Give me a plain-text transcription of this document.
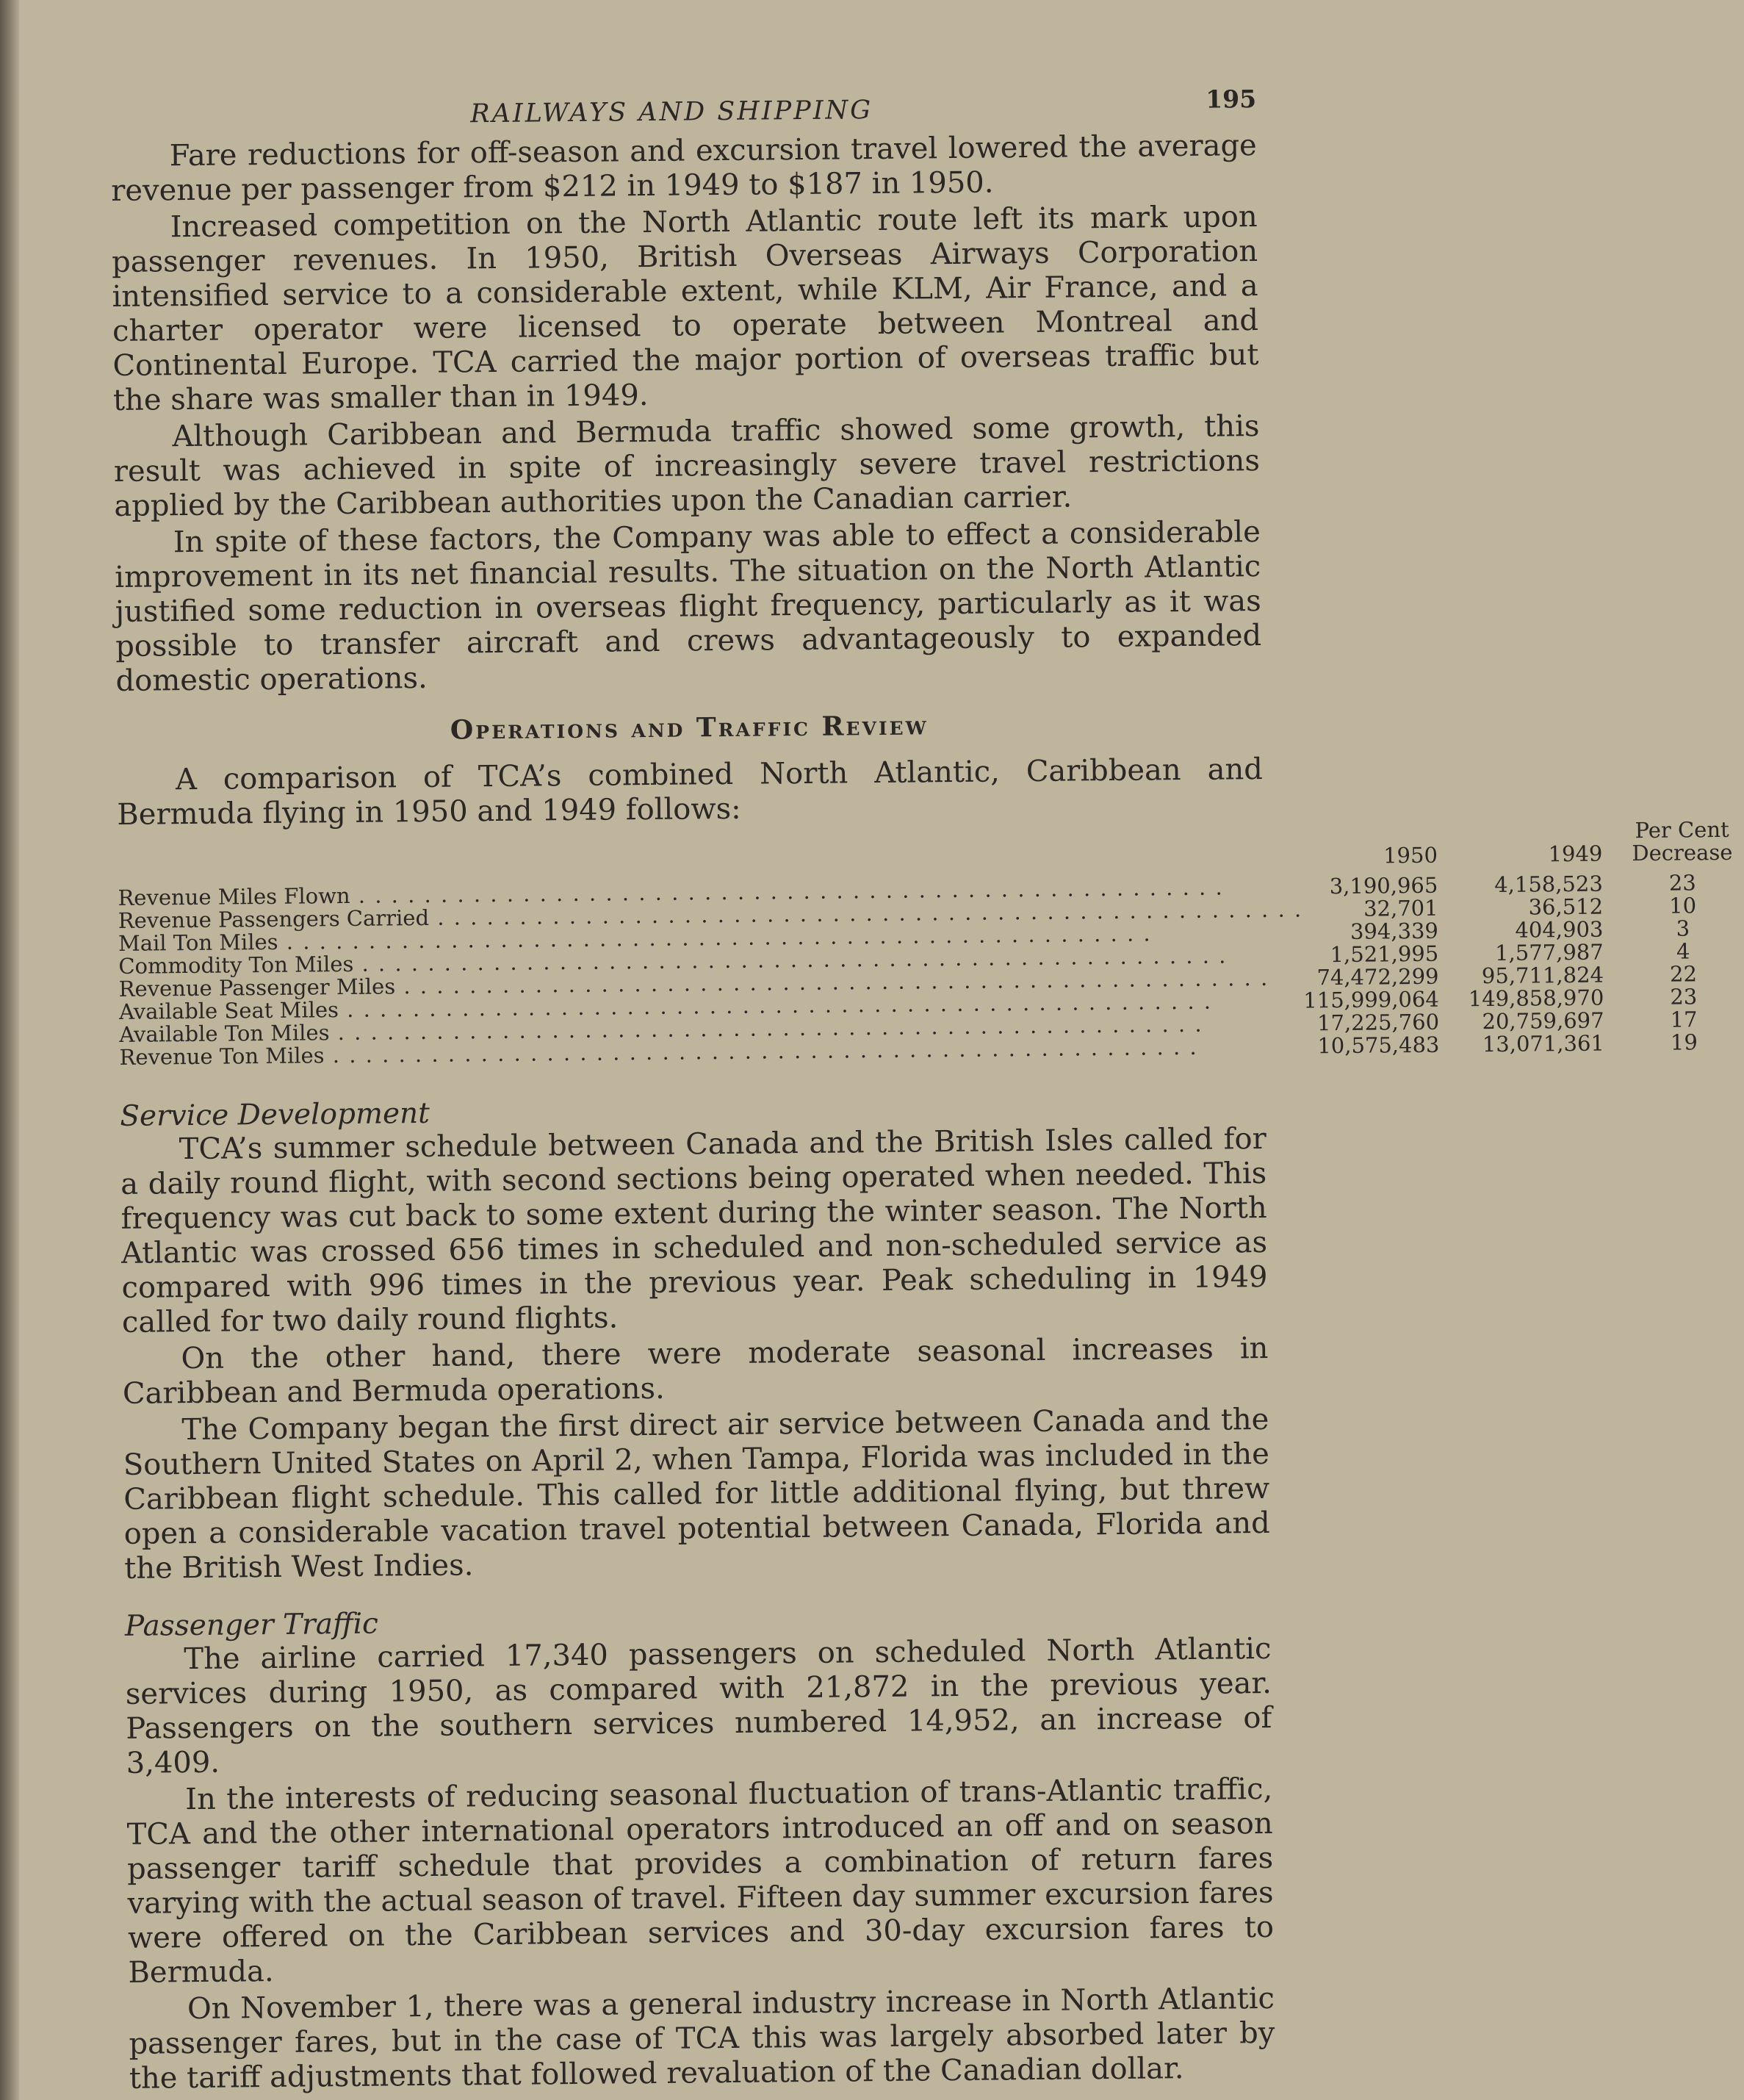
RAILWAYS AND SHIPPING	195

Fare reductions for off-season and excursion travel lowered the average revenue per passenger from $212 in 1949 to $187 in 1950.

Increased competition on the North Atlantic route left its mark upon passenger revenues. In 1950, British Overseas Airways Corporation intensified service to a considerable extent, while KLM, Air France, and a charter operator were licensed to operate between Montreal and Continental Europe. TCA carried the major portion of overseas traffic but the share was smaller than in 1949.

Although Caribbean and Bermuda traffic showed some growth, this result was achieved in spite of increasingly severe travel restrictions applied by the Caribbean authorities upon the Canadian carrier.

In spite of these factors, the Company was able to effect a considerable improvement in its net financial results. The situation on the North Atlantic justified some reduction in overseas flight frequency, particularly as it was possible to transfer aircraft and crews advantageously to expanded domestic operations.

Operations and Traffic Review

A comparison of TCA’s combined North Atlantic, Caribbean and Bermuda flying in 1950 and 1949 follows:

	1950	1949	Per Cent Decrease

Revenue Miles Flown . . .	3,190,965	4,158,523	23

Revenue Passengers Carried . . .	32,701	36,512	10

Mail Ton Miles . . .	394,339	404,903	3

Commodity Ton Miles . . .	1,521,995	1,577,987	4

Revenue Passenger Miles . . .	74,472,299	95,711,824	22

Available Seat Miles . . .	115,999,064	149,858,970	23

Available Ton Miles . . .	17,225,760	20,759,697	17

Revenue Ton Miles . . .	10,575,483	13,071,361	19
Service Development

TCA’s summer schedule between Canada and the British Isles called for a daily round flight, with second sections being operated when needed. This frequency was cut back to some extent during the winter season. The North Atlantic was crossed 656 times in scheduled and non-scheduled service as compared with 996 times in the previous year. Peak scheduling in 1949 called for two daily round flights.

On the other hand, there were moderate seasonal increases in Caribbean and Bermuda operations.

The Company began the first direct air service between Canada and the Southern United States on April 2, when Tampa, Florida was included in the Caribbean flight schedule. This called for little additional flying, but threw open a considerable vacation travel potential between Canada, Florida and the British West Indies.

Passenger Traffic

The airline carried 17,340 passengers on scheduled North Atlantic services during 1950, as compared with 21,872 in the previous year. Passengers on the southern services numbered 14,952, an increase of 3,409.

In the interests of reducing seasonal fluctuation of trans-Atlantic traffic, TCA and the other international operators introduced an off and on season passenger tariff schedule that provides a combination of return fares varying with the actual season of travel. Fifteen day summer excursion fares were offered on the Caribbean services and 30-day excursion fares to Bermuda.

On November 1, there was a general industry increase in North Atlantic passenger fares, but in the case of TCA this was largely absorbed later by the tariff adjustments that followed revaluation of the Canadian dollar.
